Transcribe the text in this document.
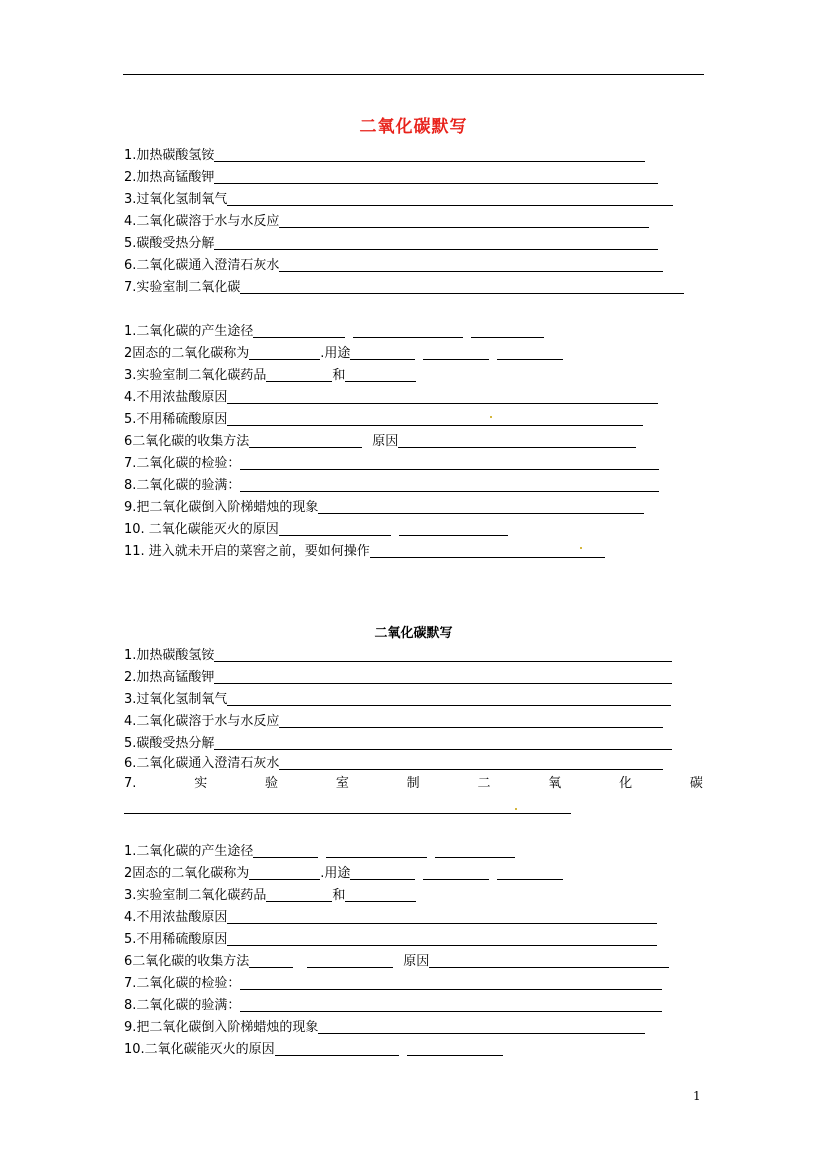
二氧化碳默写
1.加热碳酸氢铵
2.加热高锰酸钾
3.过氧化氢制氧气
4.二氧化碳溶于水与水反应
5.碳酸受热分解
6.二氧化碳通入澄清石灰水
7.实验室制二氧化碳
1.二氧化碳的产生途径
2固态的二氧化碳称为	.用途
3.实验室制二氧化碳药品	和
4.不用浓盐酸原因
5.不用稀硫酸原因
6二氧化碳的收集方法	原因
7.二氧化碳的检验：
8.二氧化碳的验满：
9.把二氧化碳倒入阶梯蜡烛的现象
10. 二氧化碳能灭火的原因
11. 进入就未开启的菜窖之前，要如何操作
二氧化碳默写
1.加热碳酸氢铵
2.加热高锰酸钾
3.过氧化氢制氧气
4.二氧化碳溶于水与水反应
5.碳酸受热分解
6.二氧化碳通入澄清石灰水
7.	实	验	室	制	二	氧	化	碳
1.二氧化碳的产生途径
2固态的二氧化碳称为	.用途
3.实验室制二氧化碳药品	和
4.不用浓盐酸原因
5.不用稀硫酸原因
6二氧化碳的收集方法	原因
7.二氧化碳的检验：
8.二氧化碳的验满：
9.把二氧化碳倒入阶梯蜡烛的现象
10.二氧化碳能灭火的原因
1
